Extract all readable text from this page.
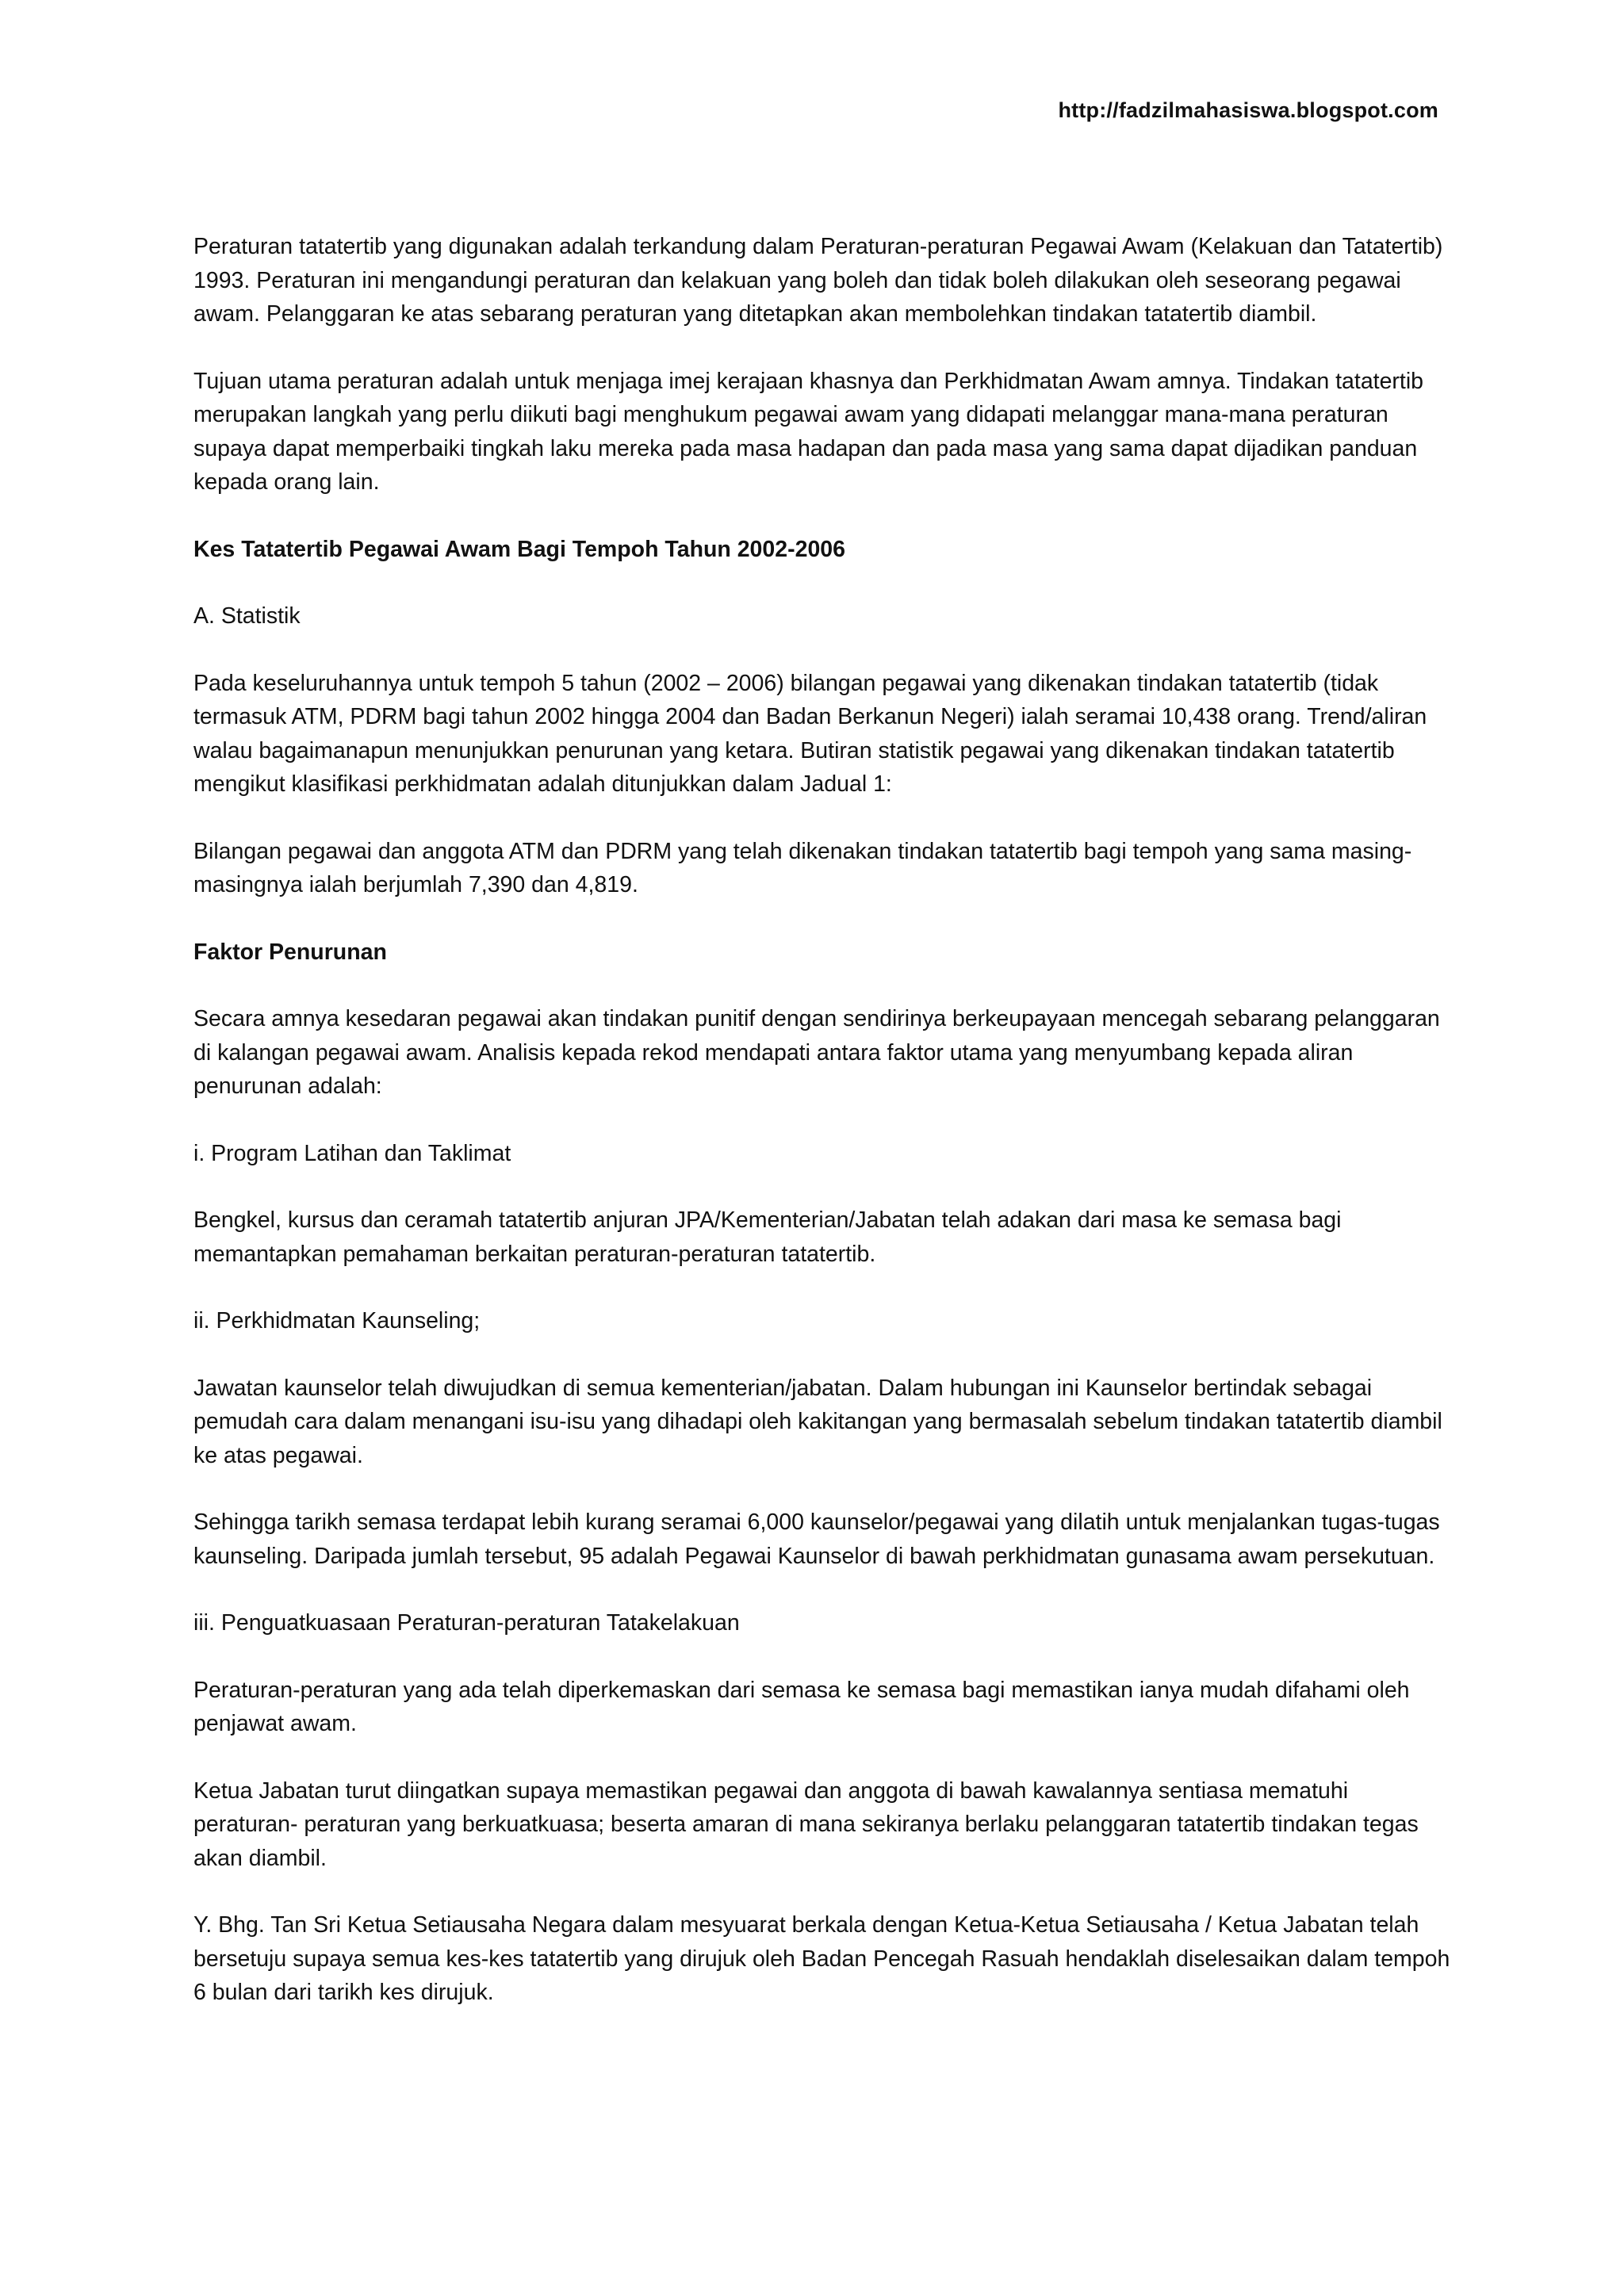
http://fadzilmahasiswa.blogspot.com

Peraturan tatatertib yang digunakan adalah terkandung dalam Peraturan-peraturan Pegawai Awam (Kelakuan dan Tatatertib) 1993. Peraturan ini mengandungi peraturan dan kelakuan yang boleh dan tidak boleh dilakukan oleh seseorang pegawai awam. Pelanggaran ke atas sebarang peraturan yang ditetapkan akan membolehkan tindakan tatatertib diambil.

Tujuan utama peraturan adalah untuk menjaga imej kerajaan khasnya dan Perkhidmatan Awam amnya. Tindakan tatatertib merupakan langkah yang perlu diikuti bagi menghukum pegawai awam yang didapati melanggar mana-mana peraturan supaya dapat memperbaiki tingkah laku mereka pada masa hadapan dan pada masa yang sama dapat dijadikan panduan kepada orang lain.

Kes Tatatertib Pegawai Awam Bagi Tempoh Tahun 2002-2006

A. Statistik

Pada keseluruhannya untuk tempoh 5 tahun (2002 – 2006) bilangan pegawai yang dikenakan tindakan tatatertib (tidak termasuk ATM, PDRM bagi tahun 2002 hingga 2004 dan Badan Berkanun Negeri) ialah seramai 10,438 orang. Trend/aliran walau bagaimanapun menunjukkan penurunan yang ketara. Butiran statistik pegawai yang dikenakan tindakan tatatertib mengikut klasifikasi perkhidmatan adalah ditunjukkan dalam Jadual 1:

Bilangan pegawai dan anggota ATM dan PDRM yang telah dikenakan tindakan tatatertib bagi tempoh yang sama masing-masingnya ialah berjumlah 7,390 dan 4,819.

Faktor Penurunan

Secara amnya kesedaran pegawai akan tindakan punitif dengan sendirinya berkeupayaan mencegah sebarang pelanggaran di kalangan pegawai awam. Analisis kepada rekod mendapati antara faktor utama yang menyumbang kepada aliran penurunan adalah:

i. Program Latihan dan Taklimat

Bengkel, kursus dan ceramah tatatertib anjuran JPA/Kementerian/Jabatan telah adakan dari masa ke semasa bagi memantapkan pemahaman berkaitan peraturan-peraturan tatatertib.

ii. Perkhidmatan Kaunseling;

Jawatan kaunselor telah diwujudkan di semua kementerian/jabatan. Dalam hubungan ini Kaunselor bertindak sebagai pemudah cara dalam menangani isu-isu yang dihadapi oleh kakitangan yang bermasalah sebelum tindakan tatatertib diambil ke atas pegawai.

Sehingga tarikh semasa terdapat lebih kurang seramai 6,000 kaunselor/pegawai yang dilatih untuk menjalankan tugas-tugas kaunseling. Daripada jumlah tersebut, 95 adalah Pegawai Kaunselor di bawah perkhidmatan gunasama awam persekutuan.

iii. Penguatkuasaan Peraturan-peraturan Tatakelakuan

Peraturan-peraturan yang ada telah diperkemaskan dari semasa ke semasa bagi memastikan ianya mudah difahami oleh penjawat awam.

Ketua Jabatan turut diingatkan supaya memastikan pegawai dan anggota di bawah kawalannya sentiasa mematuhi peraturan- peraturan yang berkuatkuasa; beserta amaran di mana sekiranya berlaku pelanggaran tatatertib tindakan tegas akan diambil.

Y. Bhg. Tan Sri Ketua Setiausaha Negara dalam mesyuarat berkala dengan Ketua-Ketua Setiausaha / Ketua Jabatan telah bersetuju supaya semua kes-kes tatatertib yang dirujuk oleh Badan Pencegah Rasuah hendaklah diselesaikan dalam tempoh 6 bulan dari tarikh kes dirujuk.
